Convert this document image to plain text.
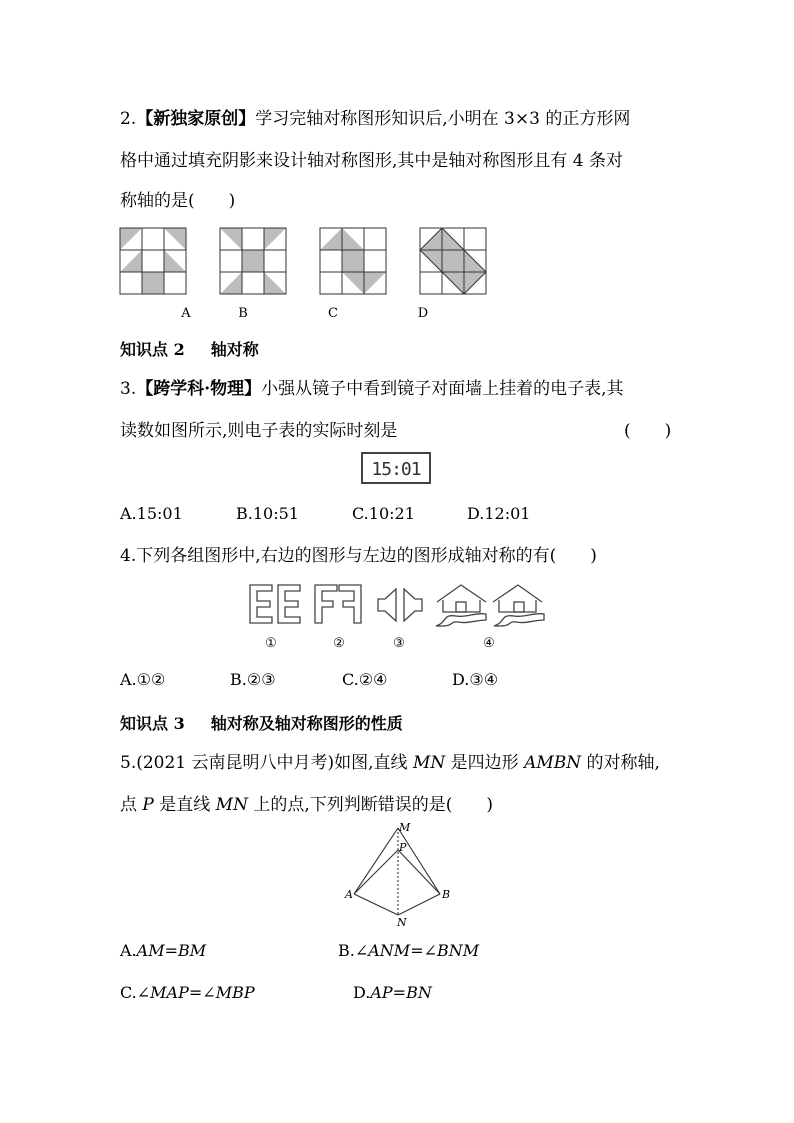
2.【新独家原创】学习完轴对称图形知识后,小明在 3×3 的正方形网
格中通过填充阴影来设计轴对称图形,其中是轴对称图形且有 4 条对
称轴的是(　　)
A	B	C	D
知识点 2 轴对称
3.【跨学科·物理】小强从镜子中看到镜子对面墙上挂着的电子表,其
读数如图所示,则电子表的实际时刻是	(　　)
15:01
A.15:01	B.10:51	C.10:21	D.12:01
4.下列各组图形中,右边的图形与左边的图形成轴对称的有(　　)
①	②	③	④
A.①②	B.②③	C.②④	D.③④
知识点 3 轴对称及轴对称图形的性质
5.(2021 云南昆明八中月考)如图,直线 MN 是四边形 AMBN 的对称轴,
点 P 是直线 MN 上的点,下列判断错误的是(　　)
M
P
A	B
N
A.AM=BM	B.∠ANM=∠BNM
C.∠MAP=∠MBP	D.AP=BN
